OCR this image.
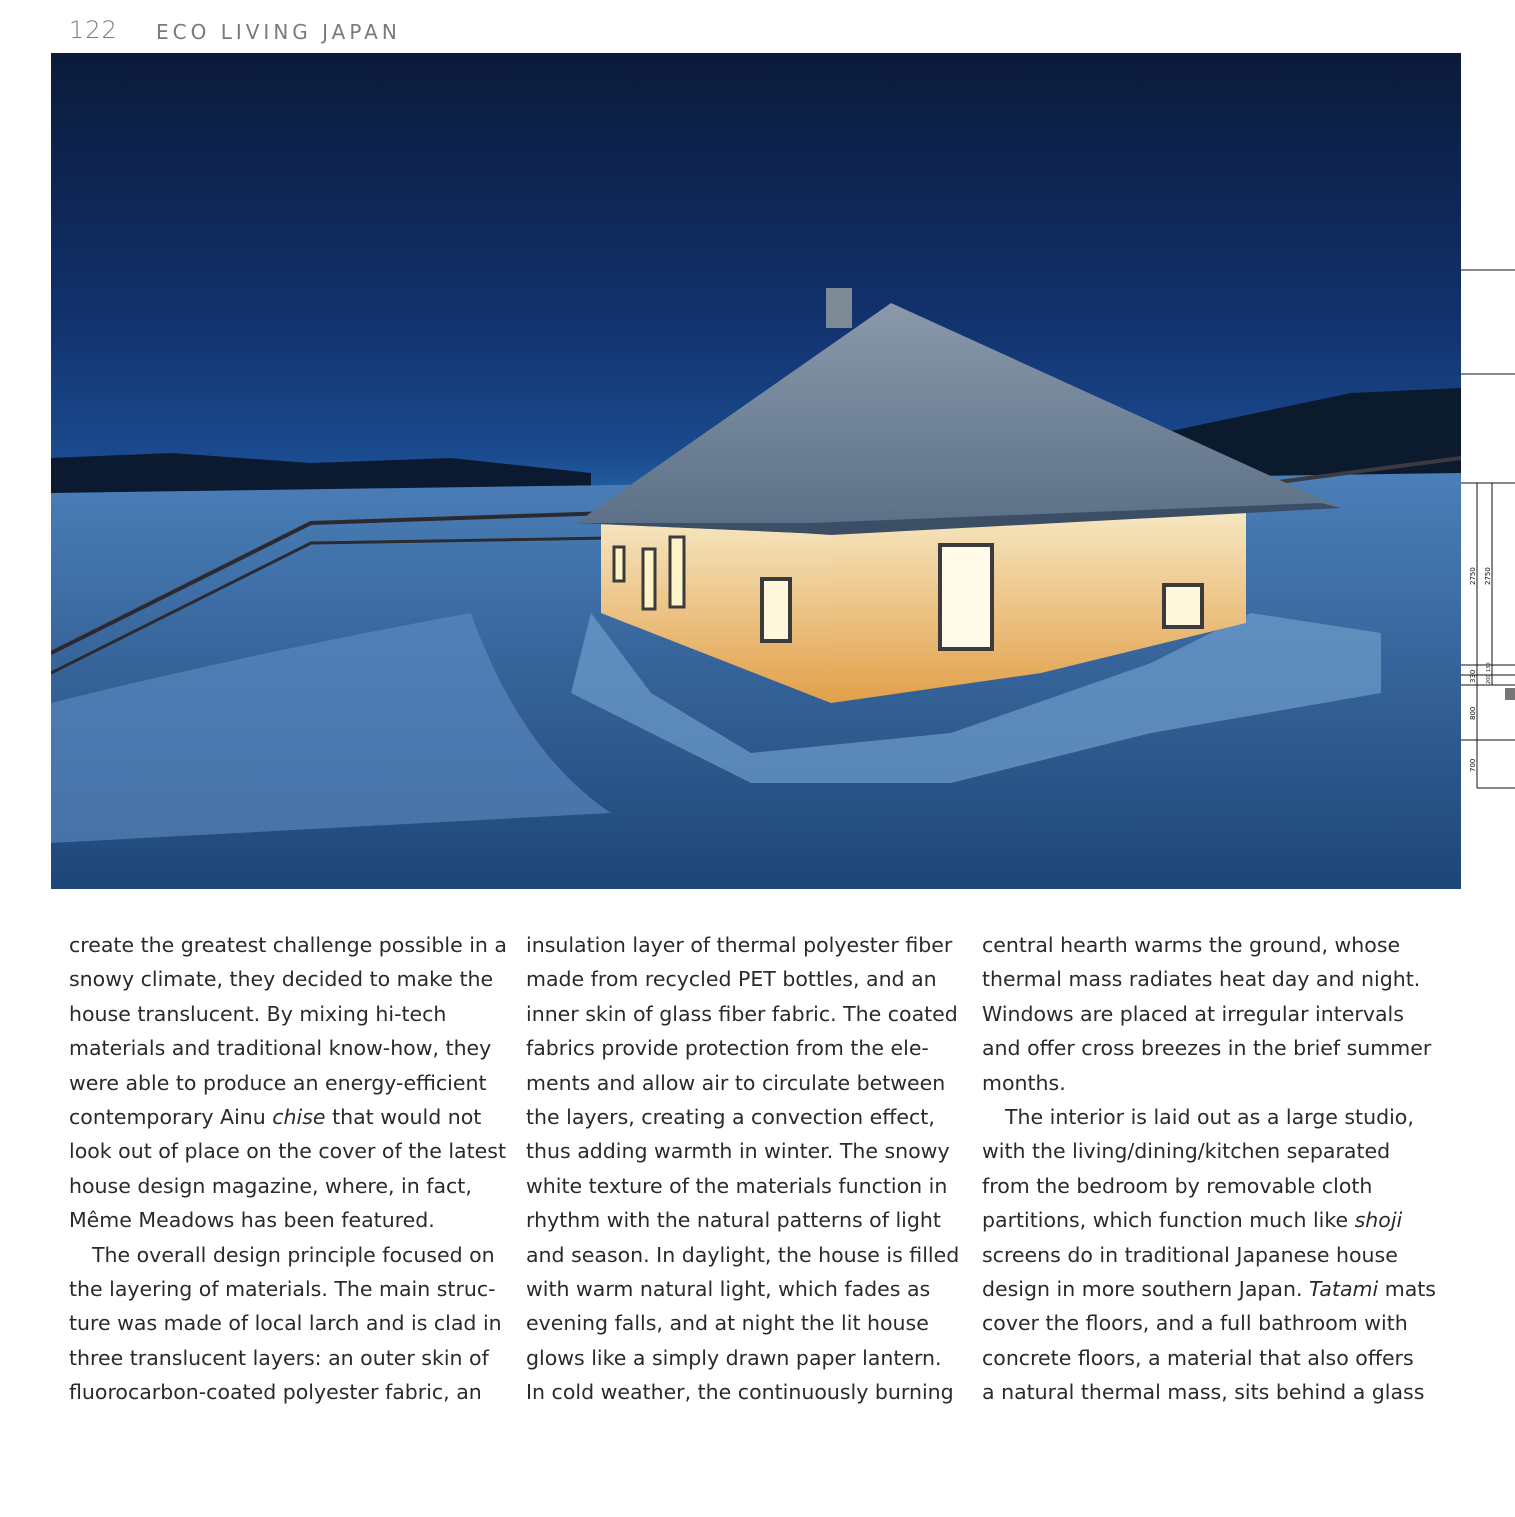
122 ECO LIVING JAPAN
2750 2750
330 200
130
800
700
create the greatest challenge possible in a
snowy climate, they decided to make the
house translucent. By mixing hi-tech
materials and traditional know-how, they
were able to produce an energy-efficient
contemporary Ainu chise that would not
look out of place on the cover of the latest
house design magazine, where, in fact,
Même Meadows has been featured.
The overall design principle focused on
the layering of materials. The main struc-
ture was made of local larch and is clad in
three translucent layers: an outer skin of
fluorocarbon-coated polyester fabric, an
insulation layer of thermal polyester fiber
made from recycled PET bottles, and an
inner skin of glass fiber fabric. The coated
fabrics provide protection from the ele-
ments and allow air to circulate between
the layers, creating a convection effect,
thus adding warmth in winter. The snowy
white texture of the materials function in
rhythm with the natural patterns of light
and season. In daylight, the house is filled
with warm natural light, which fades as
evening falls, and at night the lit house
glows like a simply drawn paper lantern.
In cold weather, the continuously burning
central hearth warms the ground, whose
thermal mass radiates heat day and night.
Windows are placed at irregular intervals
and offer cross breezes in the brief summer
months.
The interior is laid out as a large studio,
with the living/dining/kitchen separated
from the bedroom by removable cloth
partitions, which function much like shoji
screens do in traditional Japanese house
design in more southern Japan. Tatami mats
cover the floors, and a full bathroom with
concrete floors, a material that also offers
a natural thermal mass, sits behind a glass
